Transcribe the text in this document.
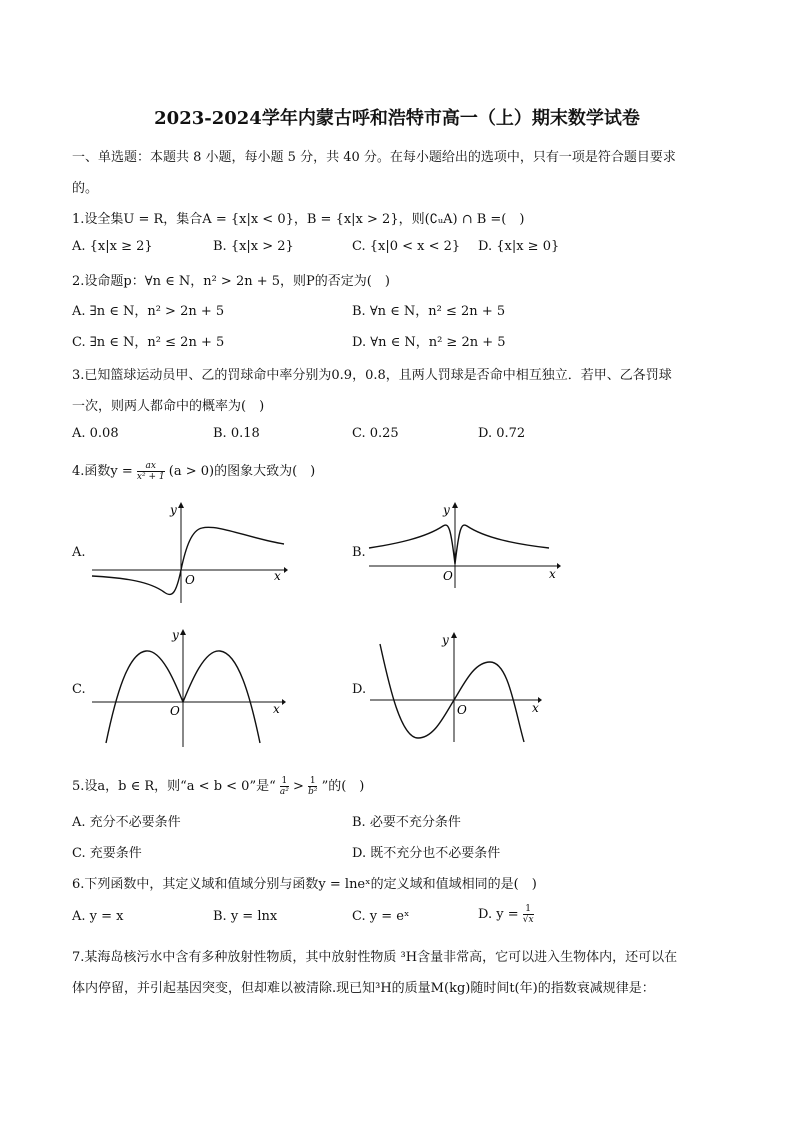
2023-2024学年内蒙古呼和浩特市高一（上）期末数学试卷
一、单选题：本题共 8 小题，每小题 5 分，共 40 分。在每小题给出的选项中，只有一项是符合题目要求
的。
1.设全集U = R，集合A = {x|x < 0}，B = {x|x > 2}，则(∁ᵤA) ∩ B =(　)
A. {x|x ≥ 2}	B. {x|x > 2}	C. {x|0 < x < 2} D. {x|x ≥ 0}
2.设命题p：∀n ∈ N，n² > 2n + 5，则P的否定为(　)
A. ∃n ∈ N，n² > 2n + 5	B. ∀n ∈ N，n² ≤ 2n + 5
C. ∃n ∈ N，n² ≤ 2n + 5	D. ∀n ∈ N，n² ≥ 2n + 5
3.已知篮球运动员甲、乙的罚球命中率分别为0.9，0.8，且两人罚球是否命中相互独立．若甲、乙各罚球
一次，则两人都命中的概率为(　)
A. 0.08	B. 0.18	C. 0.25	D. 0.72
4.函数$y = \frac{ax}{\text{x² + 1}} (a > 0)$的图象大致为(　)
A.
y
x
O
B.
y
x
O
C.
y
x
O
D.
y
x
O
5.设a，b ∈ R，则“a < b < 0”是“ $\frac{1}{\text{a²}} > \frac{1}{\text{b²}}$ ”的(　)
A. 充分不必要条件	B. 必要不充分条件
C. 充要条件	D. 既不充分也不必要条件
6.下列函数中，其定义域和值域分别与函数y = lneˣ的定义域和值域相同的是(　)
A. y = x	B. y = lnx	C. y = eˣ	D. $y = \frac{1}{√x}$
7.某海岛核污水中含有多种放射性物质，其中放射性物质 ³H含量非常高，它可以进入生物体内，还可以在
体内停留，并引起基因突变，但却难以被清除.现已知³H的质量M(kg)随时间t(年)的指数衰减规律是：
